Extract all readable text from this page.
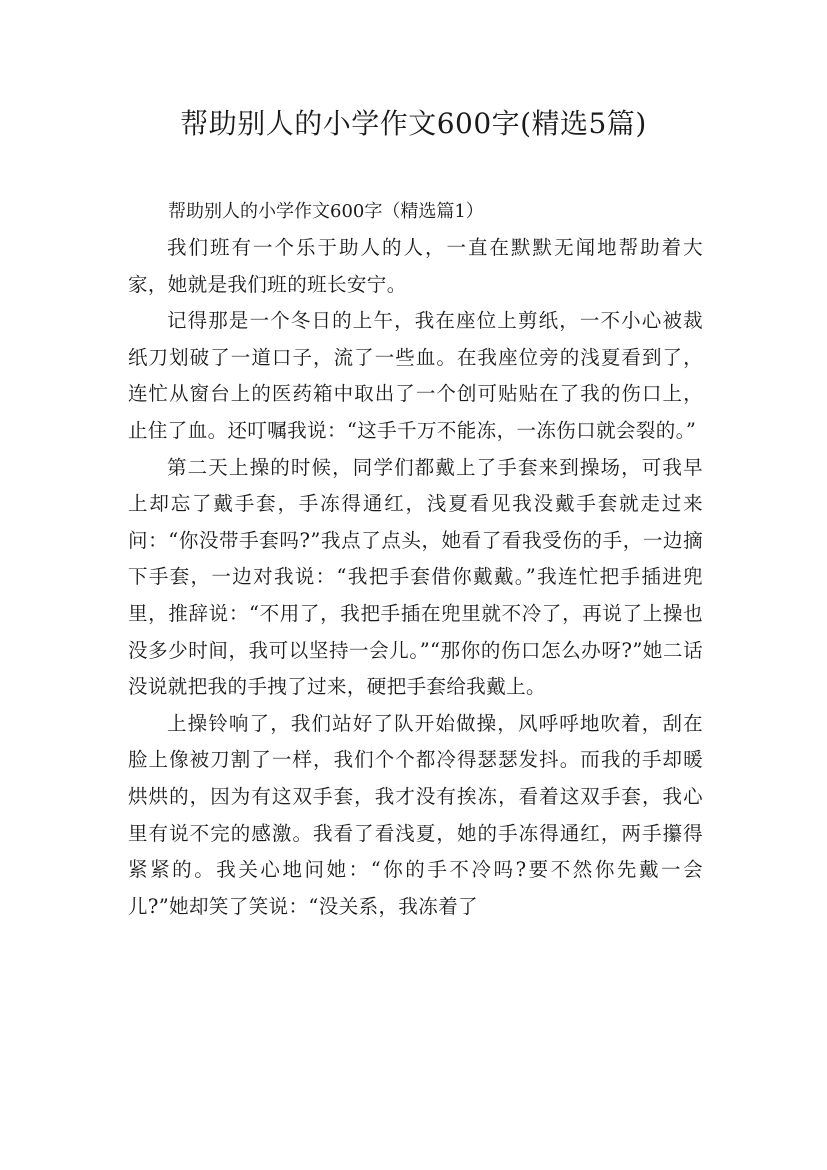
帮助别人的小学作文600字(精选5篇)

帮助别人的小学作文600字（精选篇1）

我们班有一个乐于助人的人，一直在默默无闻地帮助着大家，她就是我们班的班长安宁。

记得那是一个冬日的上午，我在座位上剪纸，一不小心被裁纸刀划破了一道口子，流了一些血。在我座位旁的浅夏看到了，连忙从窗台上的医药箱中取出了一个创可贴贴在了我的伤口上，止住了血。还叮嘱我说：“这手千万不能冻，一冻伤口就会裂的。”

第二天上操的时候，同学们都戴上了手套来到操场，可我早上却忘了戴手套，手冻得通红，浅夏看见我没戴手套就走过来问：“你没带手套吗?”我点了点头，她看了看我受伤的手，一边摘下手套，一边对我说：“我把手套借你戴戴。”我连忙把手插进兜里，推辞说：“不用了，我把手插在兜里就不冷了，再说了上操也没多少时间，我可以坚持一会儿。”“那你的伤口怎么办呀?”她二话没说就把我的手拽了过来，硬把手套给我戴上。

上操铃响了，我们站好了队开始做操，风呼呼地吹着，刮在脸上像被刀割了一样，我们个个都冷得瑟瑟发抖。而我的手却暖烘烘的，因为有这双手套，我才没有挨冻，看着这双手套，我心里有说不完的感激。我看了看浅夏，她的手冻得通红，两手攥得紧紧的。我关心地问她：“你的手不冷吗?要不然你先戴一会儿?”她却笑了笑说：“没关系，我冻着了
